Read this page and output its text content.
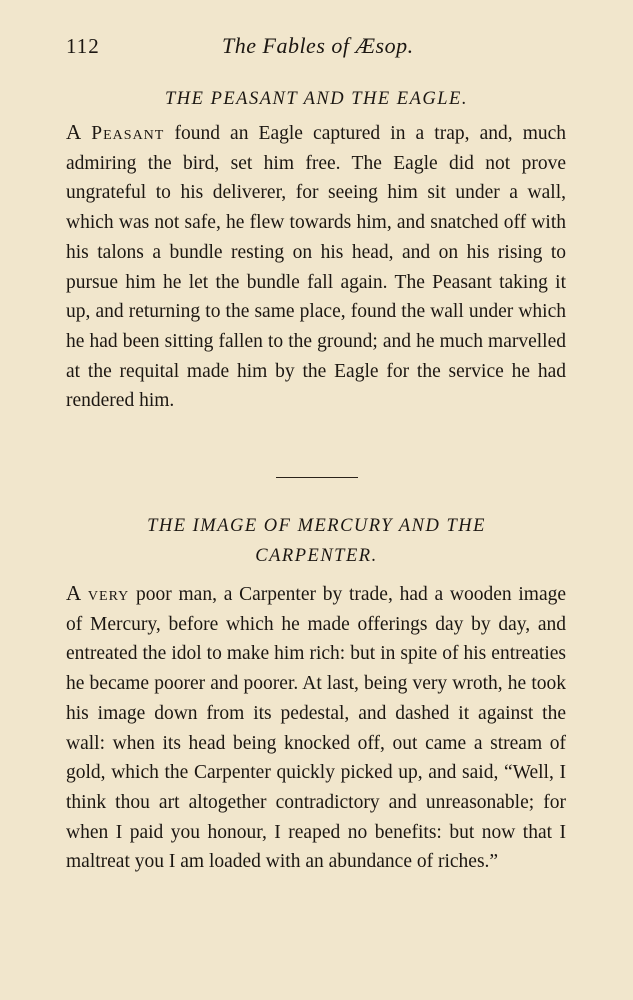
112	The Fables of Æsop.
THE PEASANT AND THE EAGLE.

A Peasant found an Eagle captured in a trap, and, much admiring the bird, set him free. The Eagle did not prove ungrateful to his deliverer, for seeing him sit under a wall, which was not safe, he flew towards him, and snatched off with his talons a bundle resting on his head, and on his rising to pursue him he let the bundle fall again. The Peasant taking it up, and returning to the same place, found the wall under which he had been sitting fallen to the ground; and he much marvelled at the requital made him by the Eagle for the service he had rendered him.

THE IMAGE OF MERCURY AND THE
CARPENTER.

A very poor man, a Carpenter by trade, had a wooden image of Mercury, before which he made offerings day by day, and entreated the idol to make him rich: but in spite of his entreaties he became poorer and poorer. At last, being very wroth, he took his image down from its pedestal, and dashed it against the wall: when its head being knocked off, out came a stream of gold, which the Carpenter quickly picked up, and said, “Well, I think thou art altogether contradictory and unreasonable; for when I paid you honour, I reaped no benefits: but now that I maltreat you I am loaded with an abundance of riches.”
